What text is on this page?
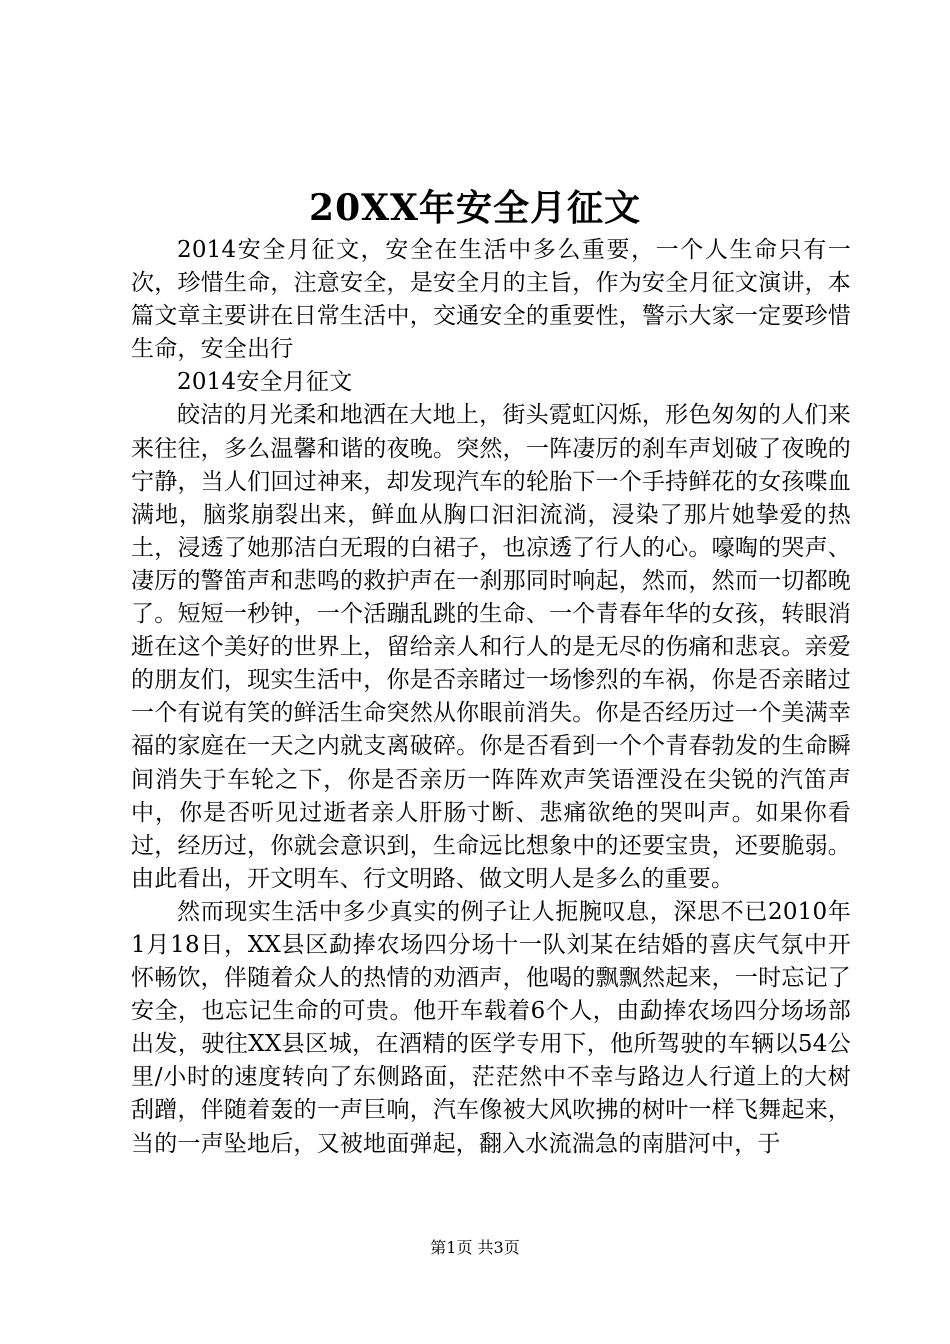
20XX年安全月征文

2014安全月征文，安全在生活中多么重要，一个人生命只有一次，珍惜生命，注意安全，是安全月的主旨，作为安全月征文演讲，本篇文章主要讲在日常生活中，交通安全的重要性，警示大家一定要珍惜生命，安全出行

2014安全月征文

皎洁的月光柔和地洒在大地上，街头霓虹闪烁，形色匆匆的人们来来往往，多么温馨和谐的夜晚。突然，一阵凄厉的刹车声划破了夜晚的宁静，当人们回过神来，却发现汽车的轮胎下一个手持鲜花的女孩喋血满地，脑浆崩裂出来，鲜血从胸口汩汩流淌，浸染了那片她挚爱的热土，浸透了她那洁白无瑕的白裙子，也凉透了行人的心。嚎啕的哭声、凄厉的警笛声和悲鸣的救护声在一刹那同时响起，然而，然而一切都晚了。短短一秒钟，一个活蹦乱跳的生命、一个青春年华的女孩，转眼消逝在这个美好的世界上，留给亲人和行人的是无尽的伤痛和悲哀。亲爱的朋友们，现实生活中，你是否亲睹过一场惨烈的车祸，你是否亲睹过一个有说有笑的鲜活生命突然从你眼前消失。你是否经历过一个美满幸福的家庭在一天之内就支离破碎。你是否看到一个个青春勃发的生命瞬间消失于车轮之下，你是否亲历一阵阵欢声笑语湮没在尖锐的汽笛声中，你是否听见过逝者亲人肝肠寸断、悲痛欲绝的哭叫声。如果你看过，经历过，你就会意识到，生命远比想象中的还要宝贵，还要脆弱。由此看出，开文明车、行文明路、做文明人是多么的重要。

然而现实生活中多少真实的例子让人扼腕叹息，深思不已2010年1月18日，XX县区勐捧农场四分场十一队刘某在结婚的喜庆气氛中开怀畅饮，伴随着众人的热情的劝酒声，他喝的飘飘然起来，一时忘记了安全，也忘记生命的可贵。他开车载着6个人，由勐捧农场四分场场部出发，驶往XX县区城，在酒精的医学专用下，他所驾驶的车辆以54公里/小时的速度转向了东侧路面，茫茫然中不幸与路边人行道上的大树刮蹭，伴随着轰的一声巨响，汽车像被大风吹拂的树叶一样飞舞起来，当的一声坠地后，又被地面弹起，翻入水流湍急的南腊河中，于

第1页 共3页
